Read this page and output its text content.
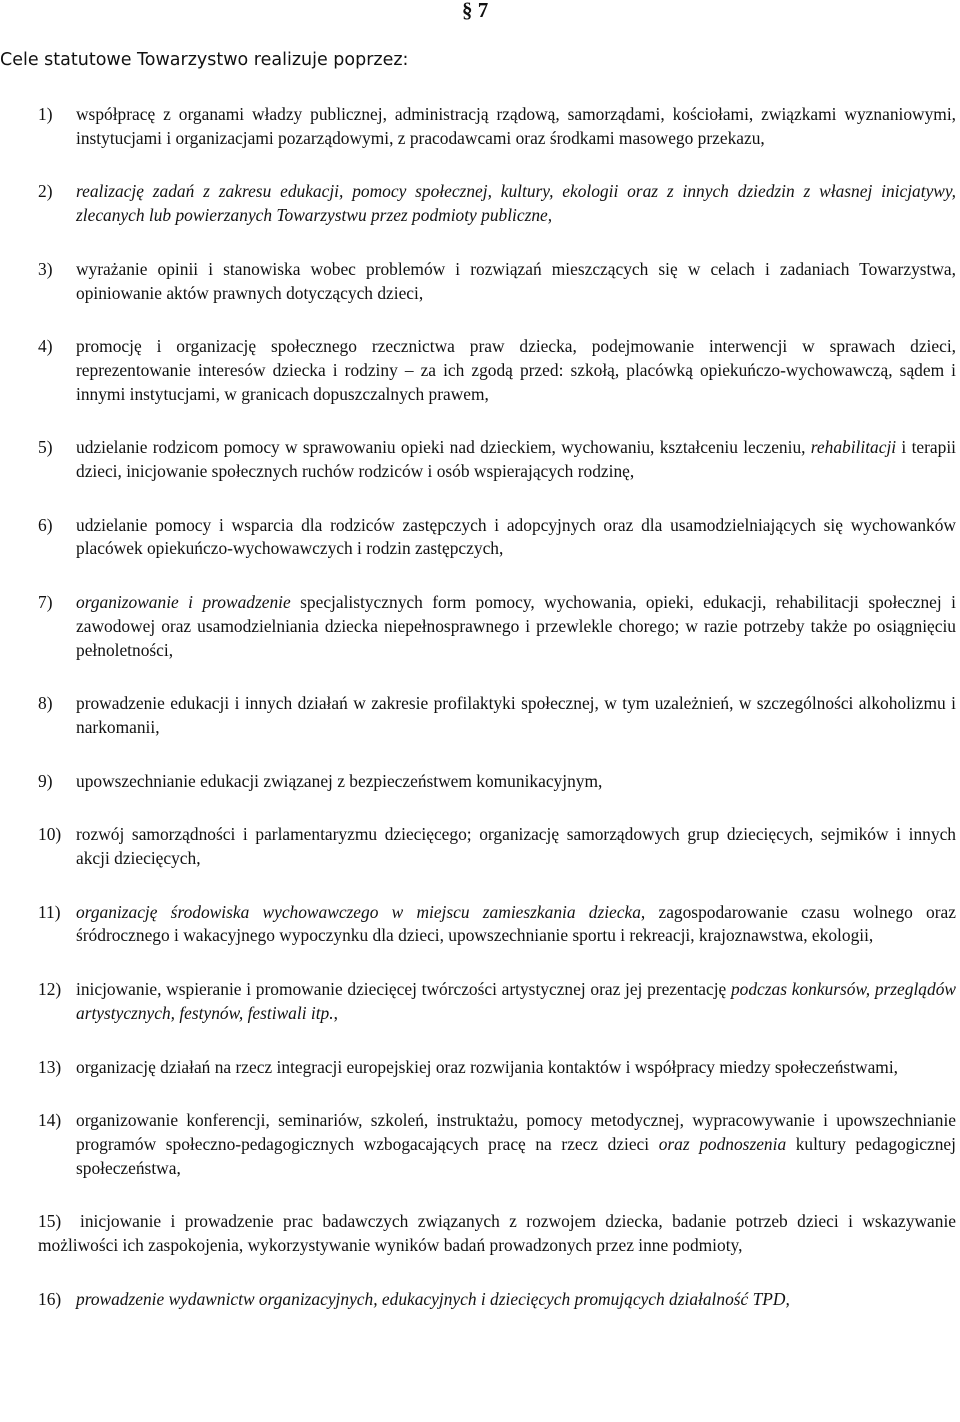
§ 7
Cele statutowe Towarzystwo realizuje poprzez:
1)	współpracę z organami władzy publicznej, administracją rządową, samorządami, kościołami, związkami wyznaniowymi, instytucjami i organizacjami pozarządowymi, z pracodawcami oraz środkami masowego przekazu,
2)	realizację zadań z zakresu edukacji, pomocy społecznej, kultury, ekologii oraz z innych dziedzin z własnej inicjatywy, zlecanych lub powierzanych Towarzystwu przez podmioty publiczne,
3)	wyrażanie opinii i stanowiska wobec problemów i rozwiązań mieszczących się w celach i zadaniach Towarzystwa, opiniowanie aktów prawnych dotyczących dzieci,
4)	promocję i organizację społecznego rzecznictwa praw dziecka, podejmowanie interwencji w sprawach dzieci, reprezentowanie interesów dziecka i rodziny – za ich zgodą przed: szkołą, placówką opiekuńczo-wychowawczą, sądem i innymi instytucjami, w granicach dopuszczalnych prawem,
5)	udzielanie rodzicom pomocy w sprawowaniu opieki nad dzieckiem, wychowaniu, kształceniu leczeniu, rehabilitacji i terapii dzieci, inicjowanie społecznych ruchów rodziców i osób wspierających rodzinę,
6)	udzielanie pomocy i wsparcia dla rodziców zastępczych i adopcyjnych oraz dla usamodzielniających się wychowanków placówek opiekuńczo-wychowawczych i rodzin zastępczych,
7)	organizowanie i prowadzenie specjalistycznych form pomocy, wychowania, opieki, edukacji, rehabilitacji społecznej i zawodowej oraz usamodzielniania dziecka niepełnosprawnego i przewlekle chorego; w razie potrzeby także po osiągnięciu pełnoletności,
8)	prowadzenie edukacji i innych działań w zakresie profilaktyki społecznej, w tym uzależnień, w szczególności alkoholizmu i narkomanii,
9)	upowszechnianie edukacji związanej z bezpieczeństwem komunikacyjnym,
10) rozwój samorządności i parlamentaryzmu dziecięcego; organizację samorządowych grup dziecięcych, sejmików i innych akcji dziecięcych,
11) organizację środowiska wychowawczego w miejscu zamieszkania dziecka, zagospodarowanie czasu wolnego oraz śródrocznego i wakacyjnego wypoczynku dla dzieci, upowszechnianie sportu i rekreacji, krajoznawstwa, ekologii,
12) inicjowanie, wspieranie i promowanie dziecięcej twórczości artystycznej oraz jej prezentację podczas konkursów, przeglądów artystycznych, festynów, festiwali itp.,
13) organizację działań na rzecz integracji europejskiej oraz rozwijania kontaktów i współpracy miedzy społeczeństwami,
14) organizowanie konferencji, seminariów, szkoleń, instruktażu, pomocy metodycznej, wypracowywanie i upowszechnianie programów społeczno-pedagogicznych wzbogacających pracę na rzecz dzieci oraz podnoszenia kultury pedagogicznej społeczeństwa,
15) inicjowanie i prowadzenie prac badawczych związanych z rozwojem dziecka, badanie potrzeb dzieci i wskazywanie możliwości ich zaspokojenia, wykorzystywanie wyników badań prowadzonych przez inne podmioty,
16) prowadzenie wydawnictw organizacyjnych, edukacyjnych i dziecięcych promujących działalność TPD,
